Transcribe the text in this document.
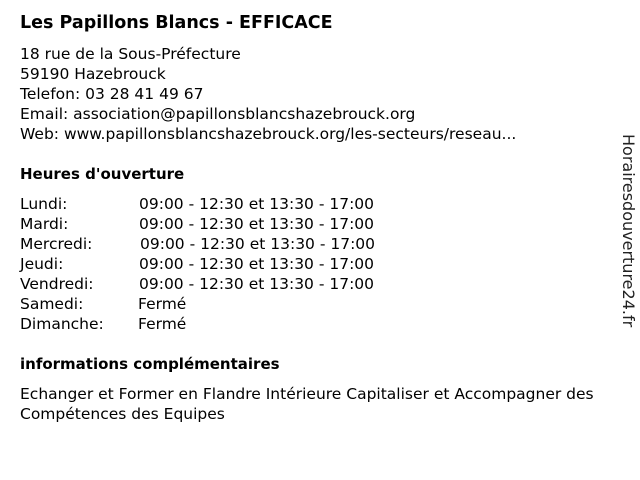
Les Papillons Blancs - EFFICACE
18 rue de la Sous-Préfecture
59190 Hazebrouck
Telefon: 03 28 41 49 67
Email: association@papillonsblancshazebrouck.org
Web: www.papillonsblancshazebrouck.org/les-secteurs/reseau...
Heures d'ouverture
Lundi:	09:00 - 12:30 et 13:30 - 17:00
Mardi:	09:00 - 12:30 et 13:30 - 17:00
Mercredi:	09:00 - 12:30 et 13:30 - 17:00
Jeudi:	09:00 - 12:30 et 13:30 - 17:00
Vendredi:	09:00 - 12:30 et 13:30 - 17:00
Samedi:	Fermé
Dimanche: Fermé
informations complémentaires
Echanger et Former en Flandre Intérieure Capitaliser et Accompagner des Compétences des Equipes
Horairesdouverture24.fr
